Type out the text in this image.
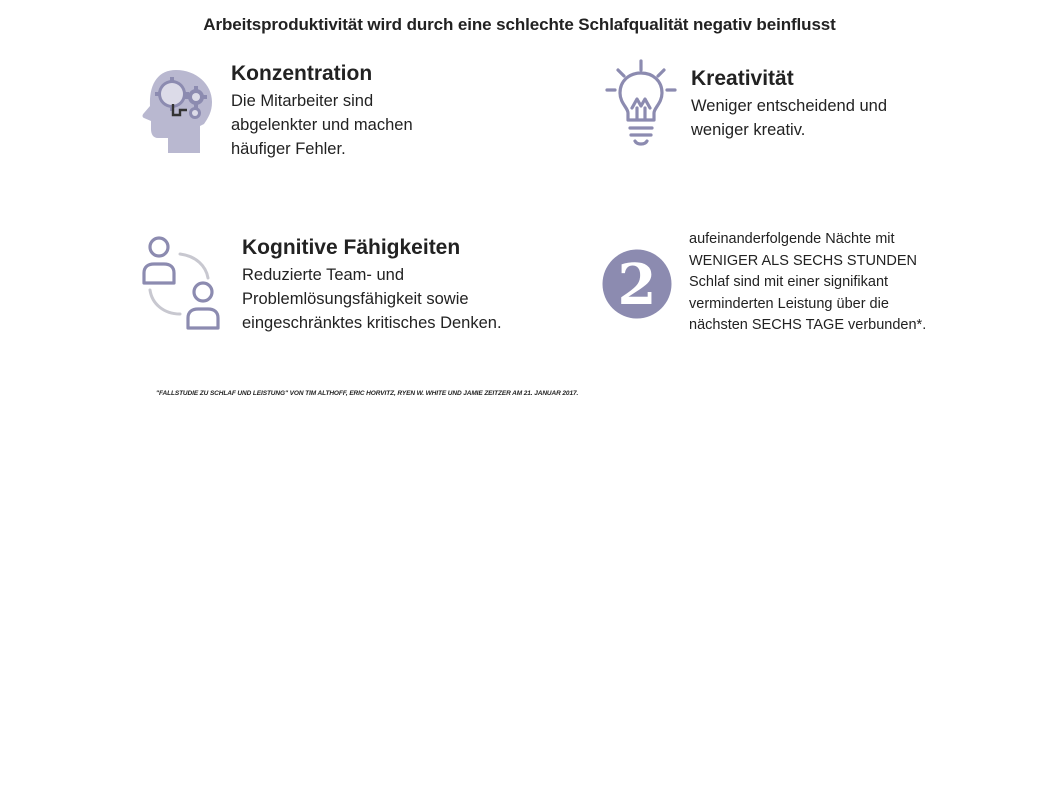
Arbeitsproduktivität wird durch eine schlechte Schlafqualität negativ beinflusst
Konzentration

Die Mitarbeiter sind
abgelenkter und machen
häufiger Fehler.

Kreativität

Weniger entscheidend und
weniger kreativ.

Kognitive Fähigkeiten

Reduzierte Team- und
Problemlösungsfähigkeit sowie
eingeschränktes kritisches Denken.

2

aufeinanderfolgende Nächte mit
WENIGER ALS SECHS STUNDEN
Schlaf sind mit einer signifikant
verminderten Leistung über die
nächsten SECHS TAGE verbunden*.

"FALLSTUDIE ZU SCHLAF UND LEISTUNG" VON TIM ALTHOFF, ERIC HORVITZ, RYEN W. WHITE UND JAMIE ZEITZER AM 21. JANUAR 2017.
